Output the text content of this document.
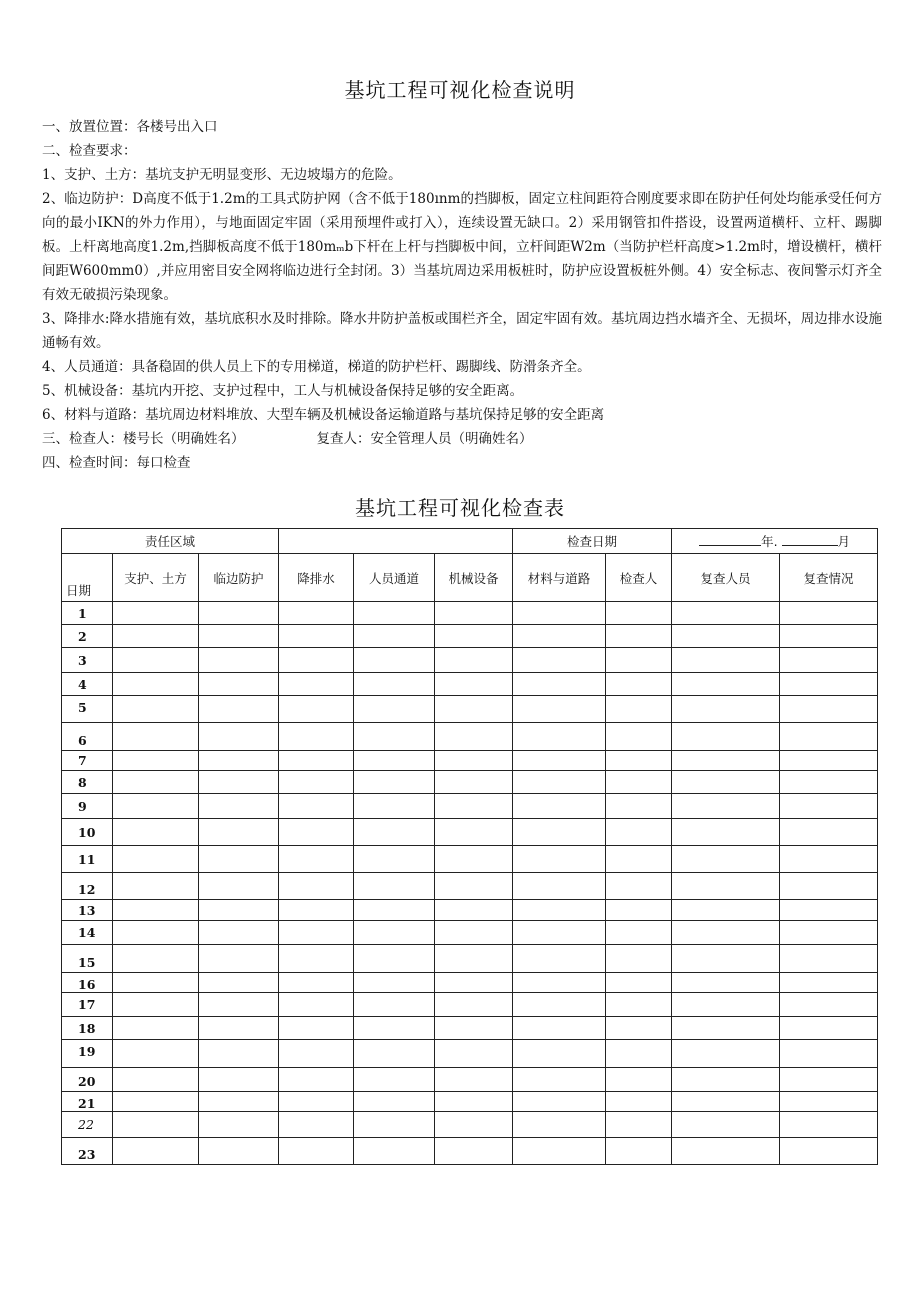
基坑工程可视化检查说明

一、放置位置：各楼号出入口

二、检查要求：

1、支护、土方：基坑支护无明显变形、无边坡塌方的危险。

2、临边防护：D高度不低于1.2m的工具式防护网（含不低于180ınm的挡脚板，固定立柱间距符合刚度要求即在防护任何处均能承受任何方向的最小IKN的外力作用），与地面固定牢固（采用预埋件或打入），连续设置无缺口。2）采用钢管扣件搭设，设置两道横杆、立杆、踢脚板。上杆离地高度1.2m,挡脚板高度不低于180mₘb下杆在上杆与挡脚板中间，立杆间距W2m（当防护栏杆高度>1.2m时，增设横杆，横杆间距W600mm0）,并应用密目安全网将临边进行全封闭。3）当基坑周边采用板桩时，防护应设置板桩外侧。4）安全标志、夜间警示灯齐全有效无破损污染现象。

3、降排水:降水措施有效，基坑底积水及时排除。降水井防护盖板或围栏齐全，固定牢固有效。基坑周边挡水墙齐全、无损坏，周边排水设施通畅有效。

4、人员通道：具备稳固的供人员上下的专用梯道，梯道的防护栏杆、踢脚线、防滑条齐全。

5、机械设备：基坑内开挖、支护过程中，工人与机械设备保持足够的安全距离。

6、材料与道路：基坑周边材料堆放、大型车辆及机械设备运输道路与基坑保持足够的安全距离

三、检查人：楼号长（明确姓名）	复查人：安全管理人员（明确姓名）

四、检查时间：每口检查

基坑工程可视化检查表
责任区域						检查日期		年. 月	
日期	支护、土方	临边防护	降排水	人员通道	机械设备	材料与道路	检查人	复查人员	复查情况
1									
2									
3									
4									
5									
6									
7									
8									
9									
10									
11									
12									
13									
14									
15									
16									
17									
18									
19									
20									
21									
22									
23									
